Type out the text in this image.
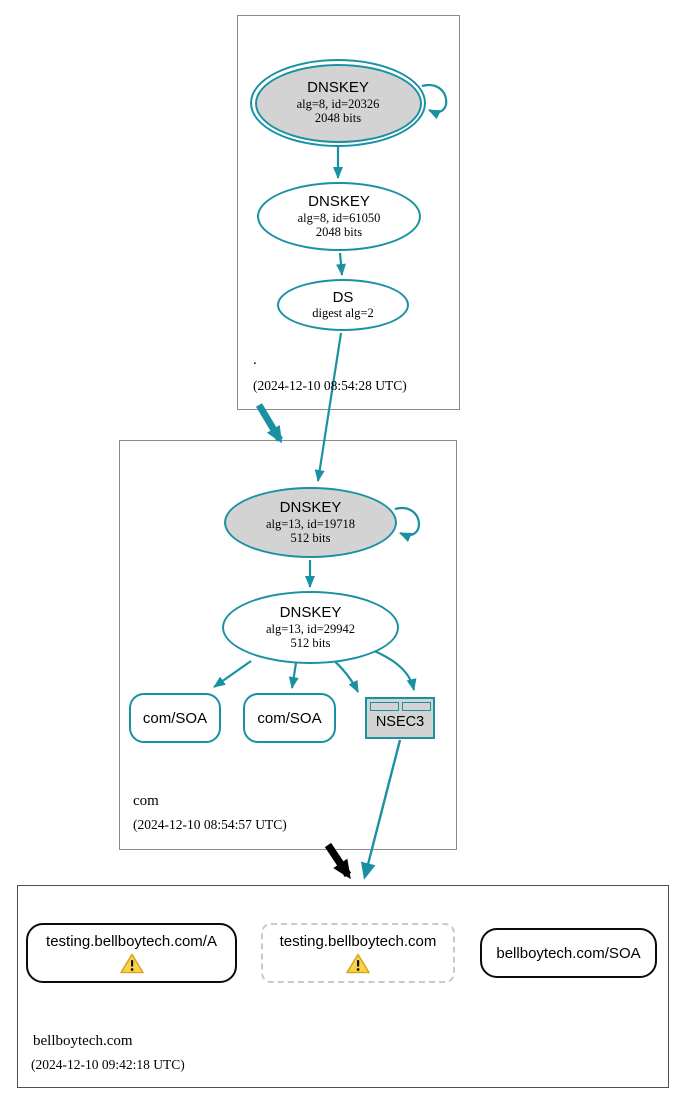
.
(2024-12-10 08:54:28 UTC)
com
(2024-12-10 08:54:57 UTC)
bellboytech.com
(2024-12-10 09:42:18 UTC)
DNSKEY
alg=8, id=20326
2048 bits
DNSKEY
alg=8, id=61050
2048 bits
DS
digest alg=2
DNSKEY
alg=13, id=19718
512 bits
DNSKEY
alg=13, id=29942
512 bits
com/SOA	com/SOA	NSEC3
testing.bellboytech.com/A	testing.bellboytech.com
bellboytech.com/SOA
